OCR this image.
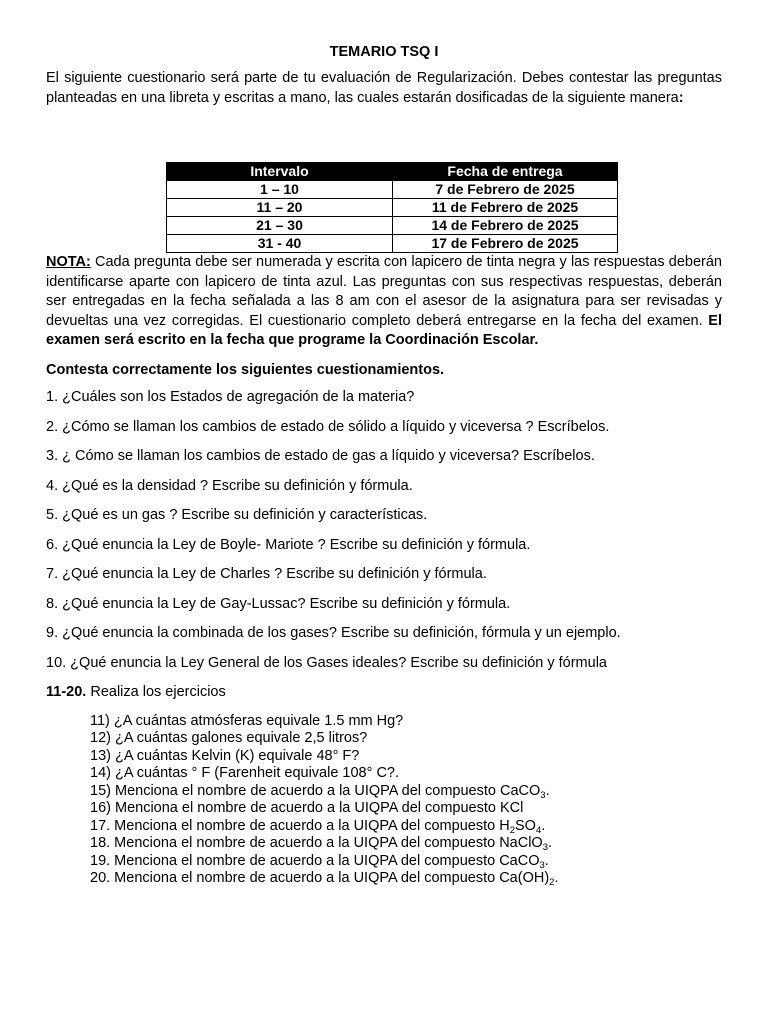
TEMARIO TSQ I

El siguiente cuestionario será parte de tu evaluación de Regularización. Debes contestar las preguntas planteadas en una libreta y escritas a mano, las cuales estarán dosificadas de la siguiente manera:

Intervalo	Fecha de entrega
1 – 10	7 de Febrero de 2025
11 – 20	11 de Febrero de 2025
21 – 30	14 de Febrero de 2025
31 - 40	17 de Febrero de 2025

NOTA: Cada pregunta debe ser numerada y escrita con lapicero de tinta negra y las respuestas deberán identificarse aparte con lapicero de tinta azul. Las preguntas con sus respectivas respuestas, deberán ser entregadas en la fecha señalada a las 8 am con el asesor de la asignatura para ser revisadas y devueltas una vez corregidas. El cuestionario completo deberá entregarse en la fecha del examen. El examen será escrito en la fecha que programe la Coordinación Escolar.

Contesta correctamente los siguientes cuestionamientos.
1. ¿Cuáles son los Estados de agregación de la materia?
2. ¿Cómo se llaman los cambios de estado de sólido a líquido y viceversa ? Escríbelos.
3. ¿ Cómo se llaman los cambios de estado de gas a líquido y viceversa? Escríbelos.
4. ¿Qué es la densidad ? Escribe su definición y fórmula.
5. ¿Qué es un gas ? Escribe su definición y características.
6. ¿Qué enuncia la Ley de Boyle- Mariote ? Escribe su definición y fórmula.
7. ¿Qué enuncia la Ley de Charles ? Escribe su definición y fórmula.
8. ¿Qué enuncia la Ley de Gay-Lussac? Escribe su definición y fórmula.
9. ¿Qué enuncia la combinada de los gases? Escribe su definición, fórmula y un ejemplo.
10. ¿Qué enuncia la Ley General de los Gases ideales? Escribe su definición y fórmula
11-20. Realiza los ejercicios
11) ¿A cuántas atmósferas equivale 1.5 mm Hg?
12) ¿A cuántas galones equivale 2,5 litros?
13) ¿A cuántas Kelvin (K) equivale 48° F?
14) ¿A cuántas ° F (Farenheit equivale 108° C?.
15) Menciona el nombre de acuerdo a la UIQPA del compuesto CaCO$_3$.
16) Menciona el nombre de acuerdo a la UIQPA del compuesto KCl
17. Menciona el nombre de acuerdo a la UIQPA del compuesto $H_2SO_4$.
18. Menciona el nombre de acuerdo a la UIQPA del compuesto NaClO$_3$.
19. Menciona el nombre de acuerdo a la UIQPA del compuesto CaCO$_3$.
20. Menciona el nombre de acuerdo a la UIQPA del compuesto $Ca(OH)_2$.
